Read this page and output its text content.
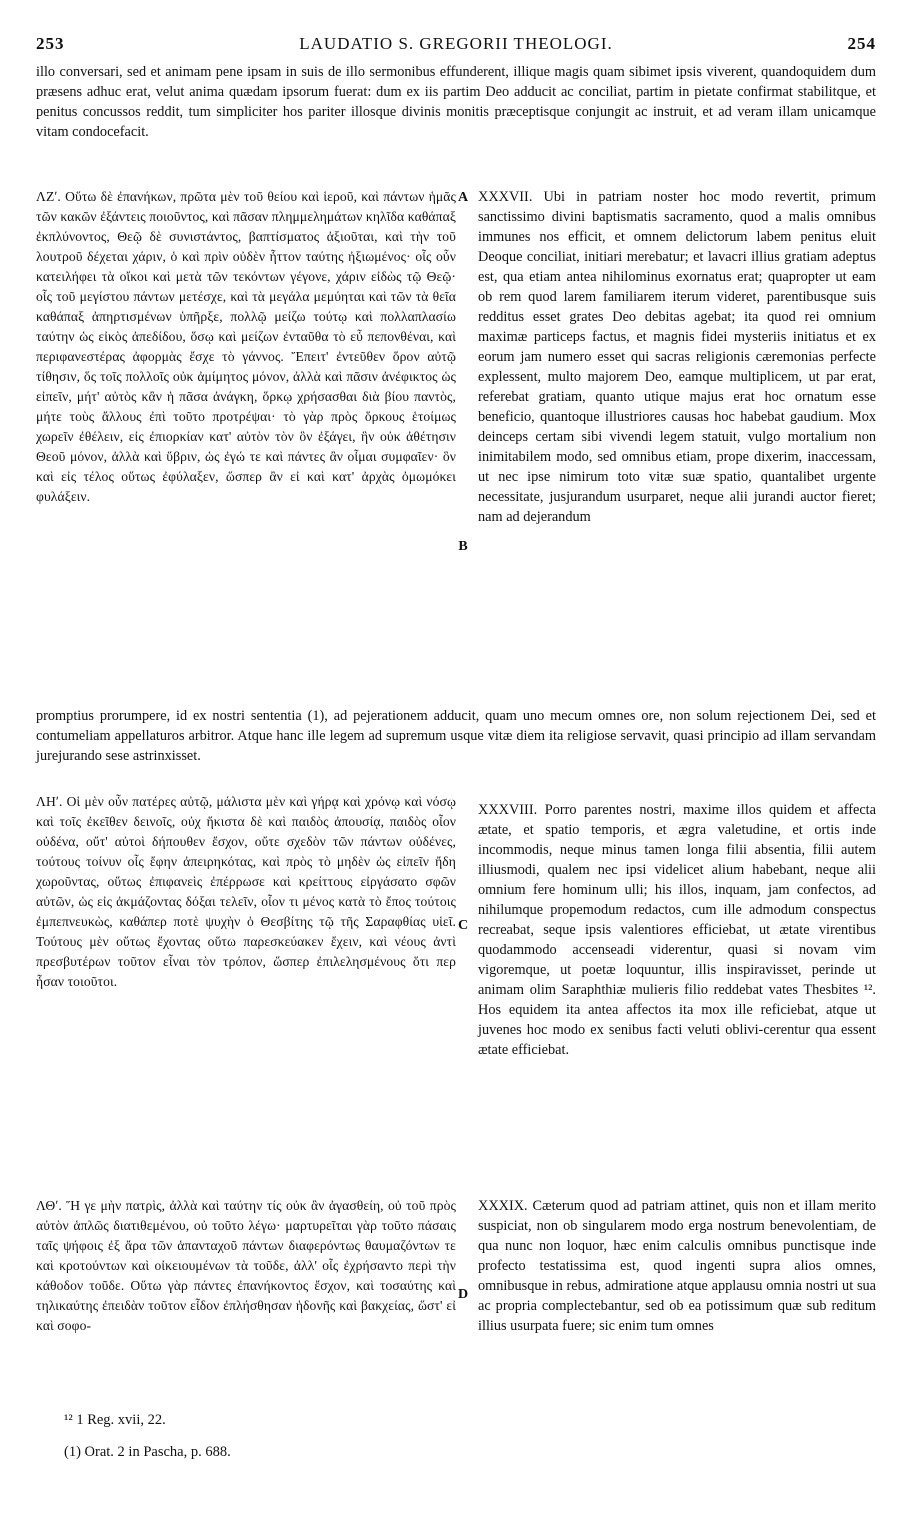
253	LAUDATIO S. GREGORII THEOLOGI.	254

illo conversari, sed et animam pene ipsam in suis de illo sermonibus effunderent, illique magis quam sibimet ipsis viverent, quandoquidem dum præsens adhuc erat, velut anima quædam ipsorum fuerat: dum ex iis partim Deo adducit ac conciliat, partim in pietate confirmat stabilitque, et penitus concussos reddit, tum simpliciter hos pariter illosque divinis monitis præceptisque conjungit ac instruit, et ad veram illam unicamque vitam condocefacit.

ΛΖʹ. Οὕτω δὲ ἐπανήκων, πρῶτα μὲν τοῦ θείου καὶ ἱεροῦ, καὶ πάντων ἡμᾶς τῶν κακῶν ἐξάντεις ποιοῦντος, καὶ πᾶσαν πλημμελημάτων κηλῖδα καθάπαξ ἐκπλύνοντος, Θεῷ δὲ συνιστάντος, βαπτίσματος ἀξιοῦται, καὶ τὴν τοῦ λουτροῦ δέχεται χάριν, ὁ καὶ πρὶν οὐδὲν ἧττον ταύτης ἠξιωμένος· οἷς οὖν κατειλήφει τὰ οἴκοι καὶ μετὰ τῶν τεκόντων γέγονε, χάριν εἰδὼς τῷ Θεῷ· οἷς τοῦ μεγίστου πάντων μετέσχε, καὶ τὰ μεγάλα μεμύηται καὶ τῶν τὰ θεῖα καθάπαξ ἀπηρτισμένων ὑπῆρξε, πολλῷ μείζω τούτῳ καὶ πολλαπλασίω ταύτην ὡς εἰκὸς ἀπεδίδου, ὅσῳ καὶ μείζων ἐνταῦθα τὸ εὖ πεπονθέναι, καὶ περιφανεστέρας ἀφορμὰς ἔσχε τὸ γάννος. Ἔπειτ' ἐντεῦθεν ὅρον αὐτῷ τίθησιν, ὅς τοῖς πολλοῖς οὐκ ἀμίμητος μόνον, ἀλλὰ καὶ πᾶσιν ἀνέφικτος ὡς εἰπεῖν, μήτ' αὐτὸς κἂν ἡ πᾶσα ἀνάγκη, ὅρκῳ χρήσασθαι διὰ βίου παντὸς, μήτε τοὺς ἄλλους ἐπὶ τοῦτο προτρέψαι· τὸ γὰρ πρὸς ὅρκους ἑτοίμως χωρεῖν ἐθέλειν, εἰς ἐπιορκίαν κατ' αὐτὸν τὸν ὃν ἐξάγει, ἣν οὐκ ἀθέτησιν Θεοῦ μόνον, ἀλλὰ καὶ ὕβριν, ὡς ἐγώ τε καὶ πάντες ἂν οἶμαι συμφαῖεν· ὃν καὶ εἰς τέλος οὕτως ἐφύλαξεν, ὥσπερ ἂν εἰ καὶ κατ' ἀρχὰς ὀμωμόκει φυλάξειν.

XXXVII. Ubi in patriam noster hoc modo revertit, primum sanctissimo divini baptismatis sacramento, quod a malis omnibus immunes nos efficit, et omnem delictorum labem penitus eluit Deoque conciliat, initiari merebatur; et lavacri illius gratiam adeptus est, qua etiam antea nihilominus exornatus erat; quapropter ut eam ob rem quod larem familiarem iterum videret, parentibusque suis redditus esset grates Deo debitas agebat; ita quod rei omnium maximæ particeps factus, et magnis fidei mysteriis initiatus et ex eorum jam numero esset qui sacras religionis cæremonias perfecte explessent, multo majorem Deo, eamque multiplicem, ut par erat, referebat gratiam, quanto utique majus erat hoc ornatum esse beneficio, quantoque illustriores causas hoc habebat gaudium. Mox deinceps certam sibi vivendi legem statuit, vulgo mortalium non inimitabilem modo, sed omnibus etiam, prope dixerim, inaccessam, ut nec ipse nimirum toto vitæ suæ spatio, quantalibet urgente necessitate, jusjurandum usurparet, neque alii jurandi auctor fieret; nam ad dejerandum

A
B

promptius prorumpere, id ex nostri sententia (1), ad pejerationem adducit, quam uno mecum omnes ore, non solum rejectionem Dei, sed et contumeliam appellaturos arbitror. Atque hanc ille legem ad supremum usque vitæ diem ita religiose servavit, quasi principio ad illam servandam jurejurando sese astrinxisset.

ΛΗʹ. Οἱ μὲν οὖν πατέρες αὐτῷ, μάλιστα μὲν καὶ γήρᾳ καὶ χρόνῳ καὶ νόσῳ καὶ τοῖς ἐκεῖθεν δεινοῖς, οὐχ ἥκιστα δὲ καὶ παιδὸς ἀπουσίᾳ, παιδὸς οἷον οὐδένα, οὔτ' αὐτοὶ δήπουθεν ἔσχον, οὔτε σχεδὸν τῶν πάντων οὐδένες, τούτους τοίνυν οἷς ἔφην ἀπειρηκότας, καὶ πρὸς τὸ μηδὲν ὡς εἰπεῖν ἤδη χωροῦντας, οὕτως ἐπιφανεὶς ἐπέρρωσε καὶ κρείττους εἰργάσατο σφῶν αὐτῶν, ὡς εἰς ἀκμάζοντας δόξαι τελεῖν, οἷον τι μένος κατὰ τὸ ἔπος τούτοις ἐμπεπνευκὼς, καθάπερ ποτὲ ψυχὴν ὁ Θεσβίτης τῷ τῆς Σαραφθίας υἱεῖ. Τούτους μὲν οὕτως ἔχοντας οὕτω παρεσκεύακεν ἔχειν, καὶ νέους ἀντὶ πρεσβυτέρων τοῦτον εἶναι τὸν τρόπον, ὥσπερ ἐπιλελησμένους ὅτι περ ἦσαν τοιοῦτοι.

XXXVIII. Porro parentes nostri, maxime illos quidem et affecta ætate, et spatio temporis, et ægra valetudine, et ortis inde incommodis, neque minus tamen longa filii absentia, filii autem illiusmodi, qualem nec ipsi videlicet alium habebant, neque alii omnium fere hominum ulli; his illos, inquam, jam confectos, ad nihilumque propemodum redactos, cum ille admodum conspectus recreabat, seque ipsis valentiores efficiebat, ut ætate virentibus quodammodo accenseadi viderentur, quasi si novam vim vigoremque, ut poetæ loquuntur, illis inspiravisset, perinde ut animam olim Saraphthiæ mulieris filio reddebat vates Thesbites ¹². Hos equidem ita antea affectos ita mox ille reficiebat, atque ut juvenes hoc modo ex senibus facti veluti oblivi-cerentur qua essent ætate efficiebat.

C

ΛΘʹ. Ἥ γε μὴν πατρὶς, ἀλλὰ καὶ ταύτην τίς οὐκ ἂν ἀγασθείη, οὐ τοῦ πρὸς αὐτὸν ἁπλῶς διατιθεμένου, οὐ τοῦτο λέγω· μαρτυρεῖται γὰρ τοῦτο πάσαις ταῖς ψήφοις ἐξ ἄρα τῶν ἁπανταχοῦ πάντων διαφερόντως θαυμαζόντων τε καὶ κροτούντων καὶ οἰκειουμένων τὰ τοῦδε, ἀλλ' οἷς ἐχρήσαντο περὶ τὴν κάθοδον τοῦδε. Οὕτω γὰρ πάντες ἐπανήκοντος ἔσχον, καὶ τοσαύτης καὶ τηλικαύτης ἐπειδὰν τοῦτον εἶδον ἐπλήσθησαν ἡδονῆς καὶ βακχείας, ὥστ' εἰ καὶ σοφο-

XXXIX. Cæterum quod ad patriam attinet, quis non et illam merito suspiciat, non ob singularem modo erga nostrum benevolentiam, de qua nunc non loquor, hæc enim calculis omnibus punctisque inde profecto testatissima est, quod ingenti supra alios omnes, omnibusque in rebus, admiratione atque applausu omnia nostri ut sua ac propria complectebantur, sed ob ea potissimum quæ sub reditum illius usurpata fuere; sic enim tum omnes

D

¹² 1 Reg. xvii, 22.

(1) Orat. 2 in Pascha, p. 688.
